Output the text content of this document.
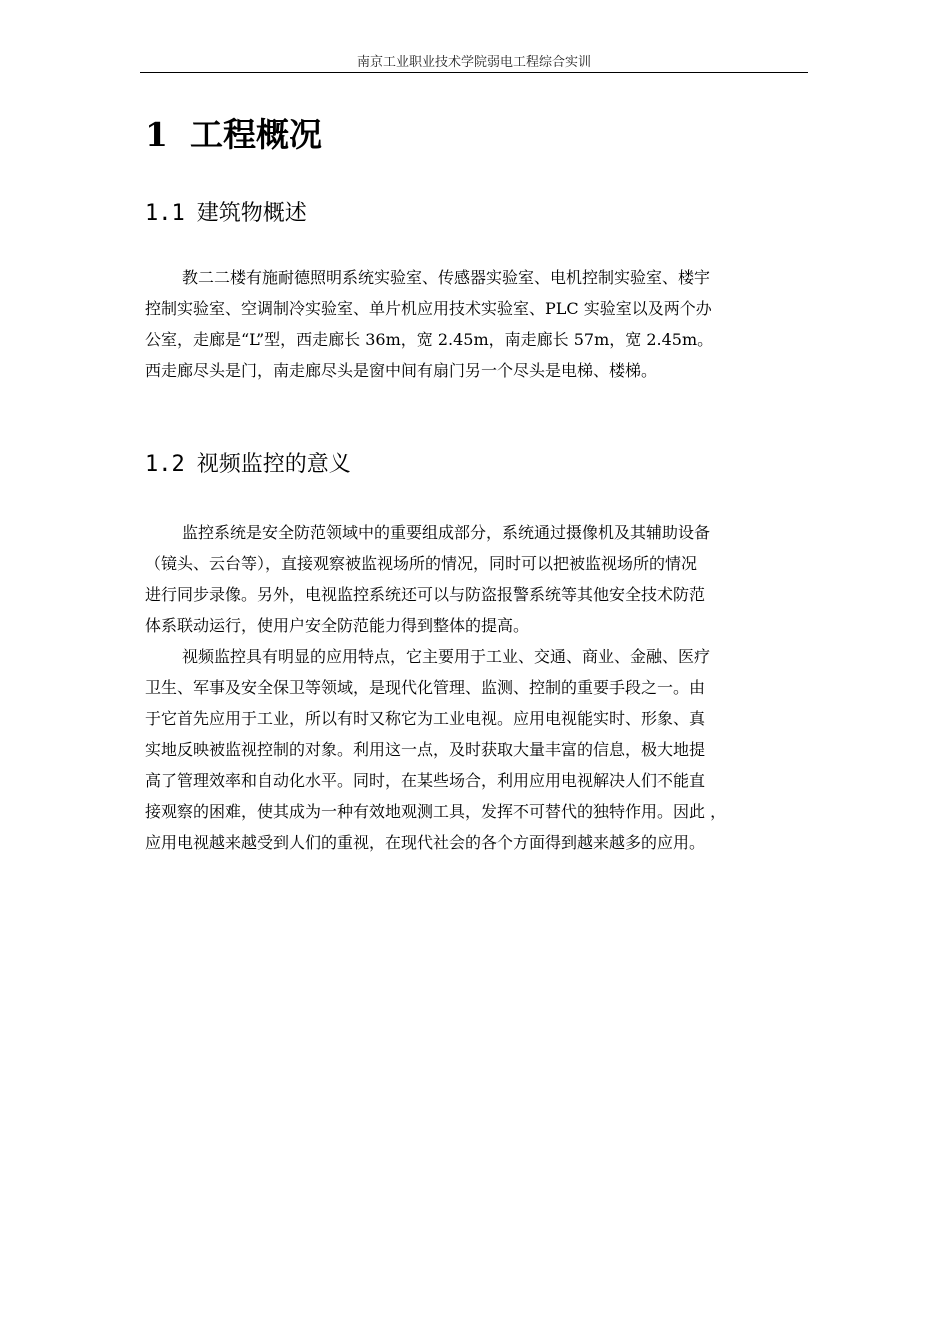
南京工业职业技术学院弱电工程综合实训
1 工程概况
1.1 建筑物概述
教二二楼有施耐德照明系统实验室、传感器实验室、电机控制实验室、楼宇
控制实验室、空调制冷实验室、单片机应用技术实验室、PLC 实验室以及两个办
公室，走廊是“L”型，西走廊长 36m，宽 2.45m，南走廊长 57m，宽 2.45m。
西走廊尽头是门，南走廊尽头是窗中间有扇门另一个尽头是电梯、楼梯。
1.2 视频监控的意义
监控系统是安全防范领域中的重要组成部分，系统通过摄像机及其辅助设备
（镜头、云台等），直接观察被监视场所的情况，同时可以把被监视场所的情况
进行同步录像。另外，电视监控系统还可以与防盗报警系统等其他安全技术防范
体系联动运行，使用户安全防范能力得到整体的提高。
视频监控具有明显的应用特点，它主要用于工业、交通、商业、金融、医疗
卫生、军事及安全保卫等领域，是现代化管理、监测、控制的重要手段之一。由
于它首先应用于工业，所以有时又称它为工业电视。应用电视能实时、形象、真
实地反映被监视控制的对象。利用这一点，及时获取大量丰富的信息，极大地提
高了管理效率和自动化水平。同时，在某些场合，利用应用电视解决人们不能直
接观察的困难，使其成为一种有效地观测工具，发挥不可替代的独特作用。因此 ，
应用电视越来越受到人们的重视，在现代社会的各个方面得到越来越多的应用。
